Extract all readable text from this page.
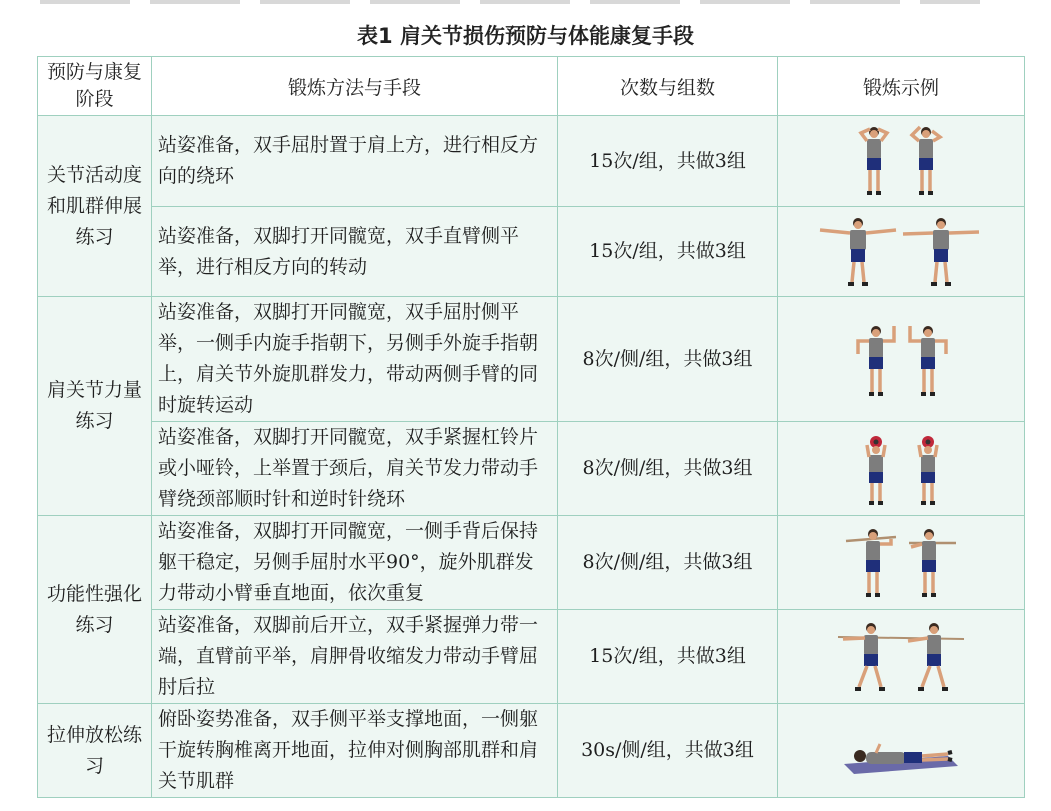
表1 肩关节损伤预防与体能康复手段
预防与康复阶段	锻炼方法与手段	次数与组数	锻炼示例
关节活动度和肌群伸展练习	站姿准备，双手屈肘置于肩上方，进行相反方向的绕环	15次/组，共做3组	

	站姿准备，双脚打开同髋宽，双手直臂侧平举，进行相反方向的转动	15次/组，共做3组	

肩关节力量练习	站姿准备，双脚打开同髋宽，双手屈肘侧平举，一侧手内旋手指朝下，另侧手外旋手指朝上，肩关节外旋肌群发力，带动两侧手臂的同时旋转运动	8次/侧/组，共做3组	

	站姿准备，双脚打开同髋宽，双手紧握杠铃片或小哑铃，上举置于颈后，肩关节发力带动手臂绕颈部顺时针和逆时针绕环	8次/侧/组，共做3组	

功能性强化练习	站姿准备，双脚打开同髋宽，一侧手背后保持躯干稳定，另侧手屈肘水平90°，旋外肌群发力带动小臂垂直地面，依次重复	8次/侧/组，共做3组	

	站姿准备，双脚前后开立，双手紧握弹力带一端，直臂前平举，肩胛骨收缩发力带动手臂屈肘后拉	15次/组，共做3组	

拉伸放松练习	俯卧姿势准备，双手侧平举支撑地面，一侧躯干旋转胸椎离开地面，拉伸对侧胸部肌群和肩关节肌群	30s/侧/组，共做3组	
